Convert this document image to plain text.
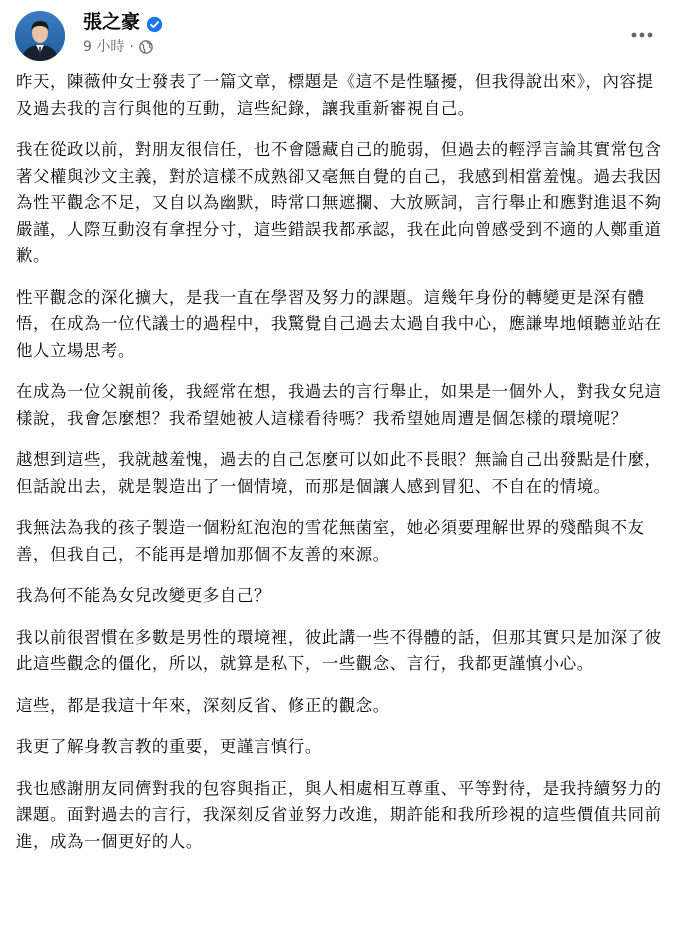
張之豪
9 小時 ·

昨天，陳薇仲女士發表了一篇文章，標題是《這不是性騷擾，但我得說出來》，內容提及過去我的言行與他的互動，這些紀錄，讓我重新審視自己。

我在從政以前，對朋友很信任，也不會隱藏自己的脆弱，但過去的輕浮言論其實常包含著父權與沙文主義，對於這樣不成熟卻又毫無自覺的自己，我感到相當羞愧。過去我因為性平觀念不足，又自以為幽默，時常口無遮攔、大放厥詞，言行舉止和應對進退不夠嚴謹，人際互動沒有拿捏分寸，這些錯誤我都承認，我在此向曾感受到不適的人鄭重道歉。

性平觀念的深化擴大，是我一直在學習及努力的課題。這幾年身份的轉變更是深有體悟，在成為一位代議士的過程中，我驚覺自己過去太過自我中心，應謙卑地傾聽並站在他人立場思考。

在成為一位父親前後，我經常在想，我過去的言行舉止，如果是一個外人，對我女兒這樣說，我會怎麼想？我希望她被人這樣看待嗎？我希望她周遭是個怎樣的環境呢？

越想到這些，我就越羞愧，過去的自己怎麼可以如此不長眼？無論自己出發點是什麼，但話說出去，就是製造出了一個情境，而那是個讓人感到冒犯、不自在的情境。

我無法為我的孩子製造一個粉紅泡泡的雪花無菌室，她必須要理解世界的殘酷與不友善，但我自己，不能再是增加那個不友善的來源。

我為何不能為女兒改變更多自己？

我以前很習慣在多數是男性的環境裡，彼此講一些不得體的話，但那其實只是加深了彼此這些觀念的僵化，所以，就算是私下，一些觀念、言行，我都更謹慎小心。

這些，都是我這十年來，深刻反省、修正的觀念。

我更了解身教言教的重要，更謹言慎行。

我也感謝朋友同儕對我的包容與指正，與人相處相互尊重、平等對待，是我持續努力的課題。面對過去的言行，我深刻反省並努力改進，期許能和我所珍視的這些價值共同前進，成為一個更好的人。
